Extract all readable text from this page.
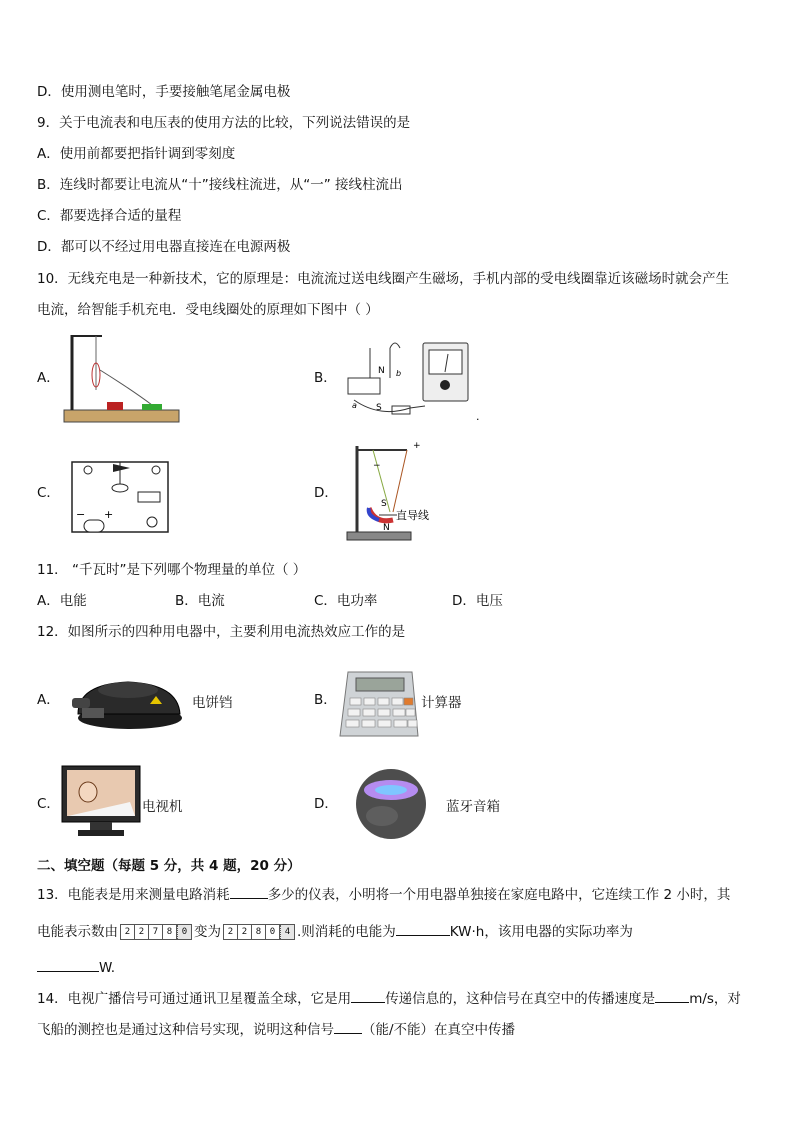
D．使用测电笔时，手要接触笔尾金属电极
9．关于电流表和电压表的使用方法的比较，下列说法错误的是
A．使用前都要把指针调到零刻度
B．连线时都要让电流从“十”接线柱流进，从“一” 接线柱流出
C．都要选择合适的量程
D．都可以不经过用电器直接连在电源两极
10．无线充电是一种新技术，它的原理是：电流流过送电线圈产生磁场，手机内部的受电线圈靠近该磁场时就会产生
电流，给智能手机充电．受电线圈处的原理如下图中（ ）
A．	B．	N
S
a
b
.
C．
− +
D．
+
−
S
N
直导线
11． “千瓦时”是下列哪个物理量的单位（ ）
A．电能	B．电流	C．电功率	D．电压
12．如图所示的四种用电器中，主要利用电流热效应工作的是
A．	电饼铛	B．	计算器
C．	电视机	D．	蓝牙音箱
二、填空题（每题 5 分，共 4 题，20 分）
13．电能表是用来测量电路消耗	多少的仪表，小明将一个用电器单独接在家庭电路中，它连续工作 2 小时，其
电能表示数由 2 2 7 8	0 变为 2 2 8 0	4 .则消耗的电能为	KW·h，该用电器的实际功率为
W.
14．电视广播信号可通过通讯卫星覆盖全球，它是用	传递信息的，这种信号在真空中的传播速度是	m/s，对
飞船的测控也是通过这种信号实现，说明这种信号 （能/不能）在真空中传播
